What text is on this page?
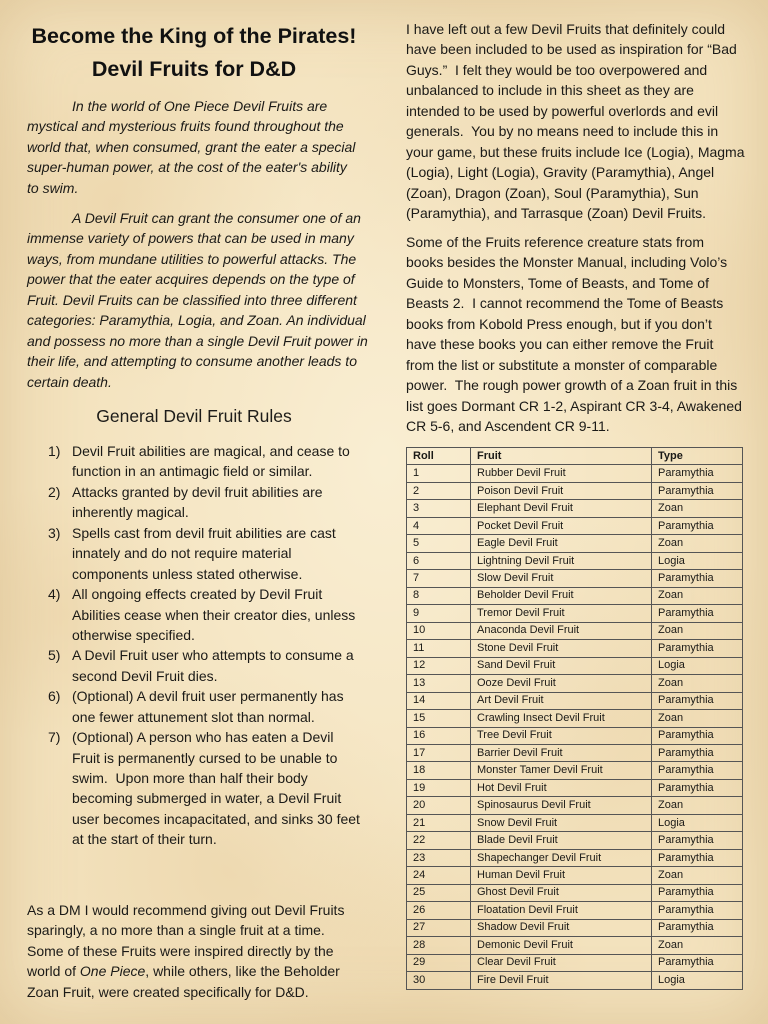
Become the King of the Pirates!
Devil Fruits for D&D
In the world of One Piece Devil Fruits are
mystical and mysterious fruits found throughout the
world that, when consumed, grant the eater a special
super-human power, at the cost of the eater's ability
to swim.
A Devil Fruit can grant the consumer one of an
immense variety of powers that can be used in many
ways, from mundane utilities to powerful attacks. The
power that the eater acquires depends on the type of
Fruit. Devil Fruits can be classified into three different
categories: Paramythia, Logia, and Zoan. An individual
and possess no more than a single Devil Fruit power in
their life, and attempting to consume another leads to
certain death.
General Devil Fruit Rules
1) Devil Fruit abilities are magical, and cease to
function in an antimagic field or similar.
2) Attacks granted by devil fruit abilities are
inherently magical.
3) Spells cast from devil fruit abilities are cast
innately and do not require material
components unless stated otherwise.
4) All ongoing effects created by Devil Fruit
Abilities cease when their creator dies, unless
otherwise specified.
5) A Devil Fruit user who attempts to consume a
second Devil Fruit dies.
6) (Optional) A devil fruit user permanently has
one fewer attunement slot than normal.
7) (Optional) A person who has eaten a Devil
Fruit is permanently cursed to be unable to
swim.  Upon more than half their body
becoming submerged in water, a Devil Fruit
user becomes incapacitated, and sinks 30 feet
at the start of their turn.
As a DM I would recommend giving out Devil Fruits
sparingly, a no more than a single fruit at a time.
Some of these Fruits were inspired directly by the
world of One Piece, while others, like the Beholder
Zoan Fruit, were created specifically for D&D.
I have left out a few Devil Fruits that definitely could
have been included to be used as inspiration for “Bad
Guys.”  I felt they would be too overpowered and
unbalanced to include in this sheet as they are
intended to be used by powerful overlords and evil
generals.  You by no means need to include this in
your game, but these fruits include Ice (Logia), Magma
(Logia), Light (Logia), Gravity (Paramythia), Angel
(Zoan), Dragon (Zoan), Soul (Paramythia), Sun
(Paramythia), and Tarrasque (Zoan) Devil Fruits.
Some of the Fruits reference creature stats from
books besides the Monster Manual, including Volo’s
Guide to Monsters, Tome of Beasts, and Tome of
Beasts 2.  I cannot recommend the Tome of Beasts
books from Kobold Press enough, but if you don’t
have these books you can either remove the Fruit
from the list or substitute a monster of comparable
power.  The rough power growth of a Zoan fruit in this
list goes Dormant CR 1-2, Aspirant CR 3-4, Awakened
CR 5-6, and Ascendent CR 9-11.
Roll	Fruit	Type
1	Rubber Devil Fruit	Paramythia
2	Poison Devil Fruit	Paramythia
3	Elephant Devil Fruit	Zoan
4	Pocket Devil Fruit	Paramythia
5	Eagle Devil Fruit	Zoan
6	Lightning Devil Fruit	Logia
7	Slow Devil Fruit	Paramythia
8	Beholder Devil Fruit	Zoan
9	Tremor Devil Fruit	Paramythia
10	Anaconda Devil Fruit	Zoan
11	Stone Devil Fruit	Paramythia
12	Sand Devil Fruit	Logia
13	Ooze Devil Fruit	Zoan
14	Art Devil Fruit	Paramythia
15	Crawling Insect Devil Fruit	Zoan
16	Tree Devil Fruit	Paramythia
17	Barrier Devil Fruit	Paramythia
18	Monster Tamer Devil Fruit	Paramythia
19	Hot Devil Fruit	Paramythia
20	Spinosaurus Devil Fruit	Zoan
21	Snow Devil Fruit	Logia
22	Blade Devil Fruit	Paramythia
23	Shapechanger Devil Fruit	Paramythia
24	Human Devil Fruit	Zoan
25	Ghost Devil Fruit	Paramythia
26	Floatation Devil Fruit	Paramythia
27	Shadow Devil Fruit	Paramythia
28	Demonic Devil Fruit	Zoan
29	Clear Devil Fruit	Paramythia
30	Fire Devil Fruit	Logia
